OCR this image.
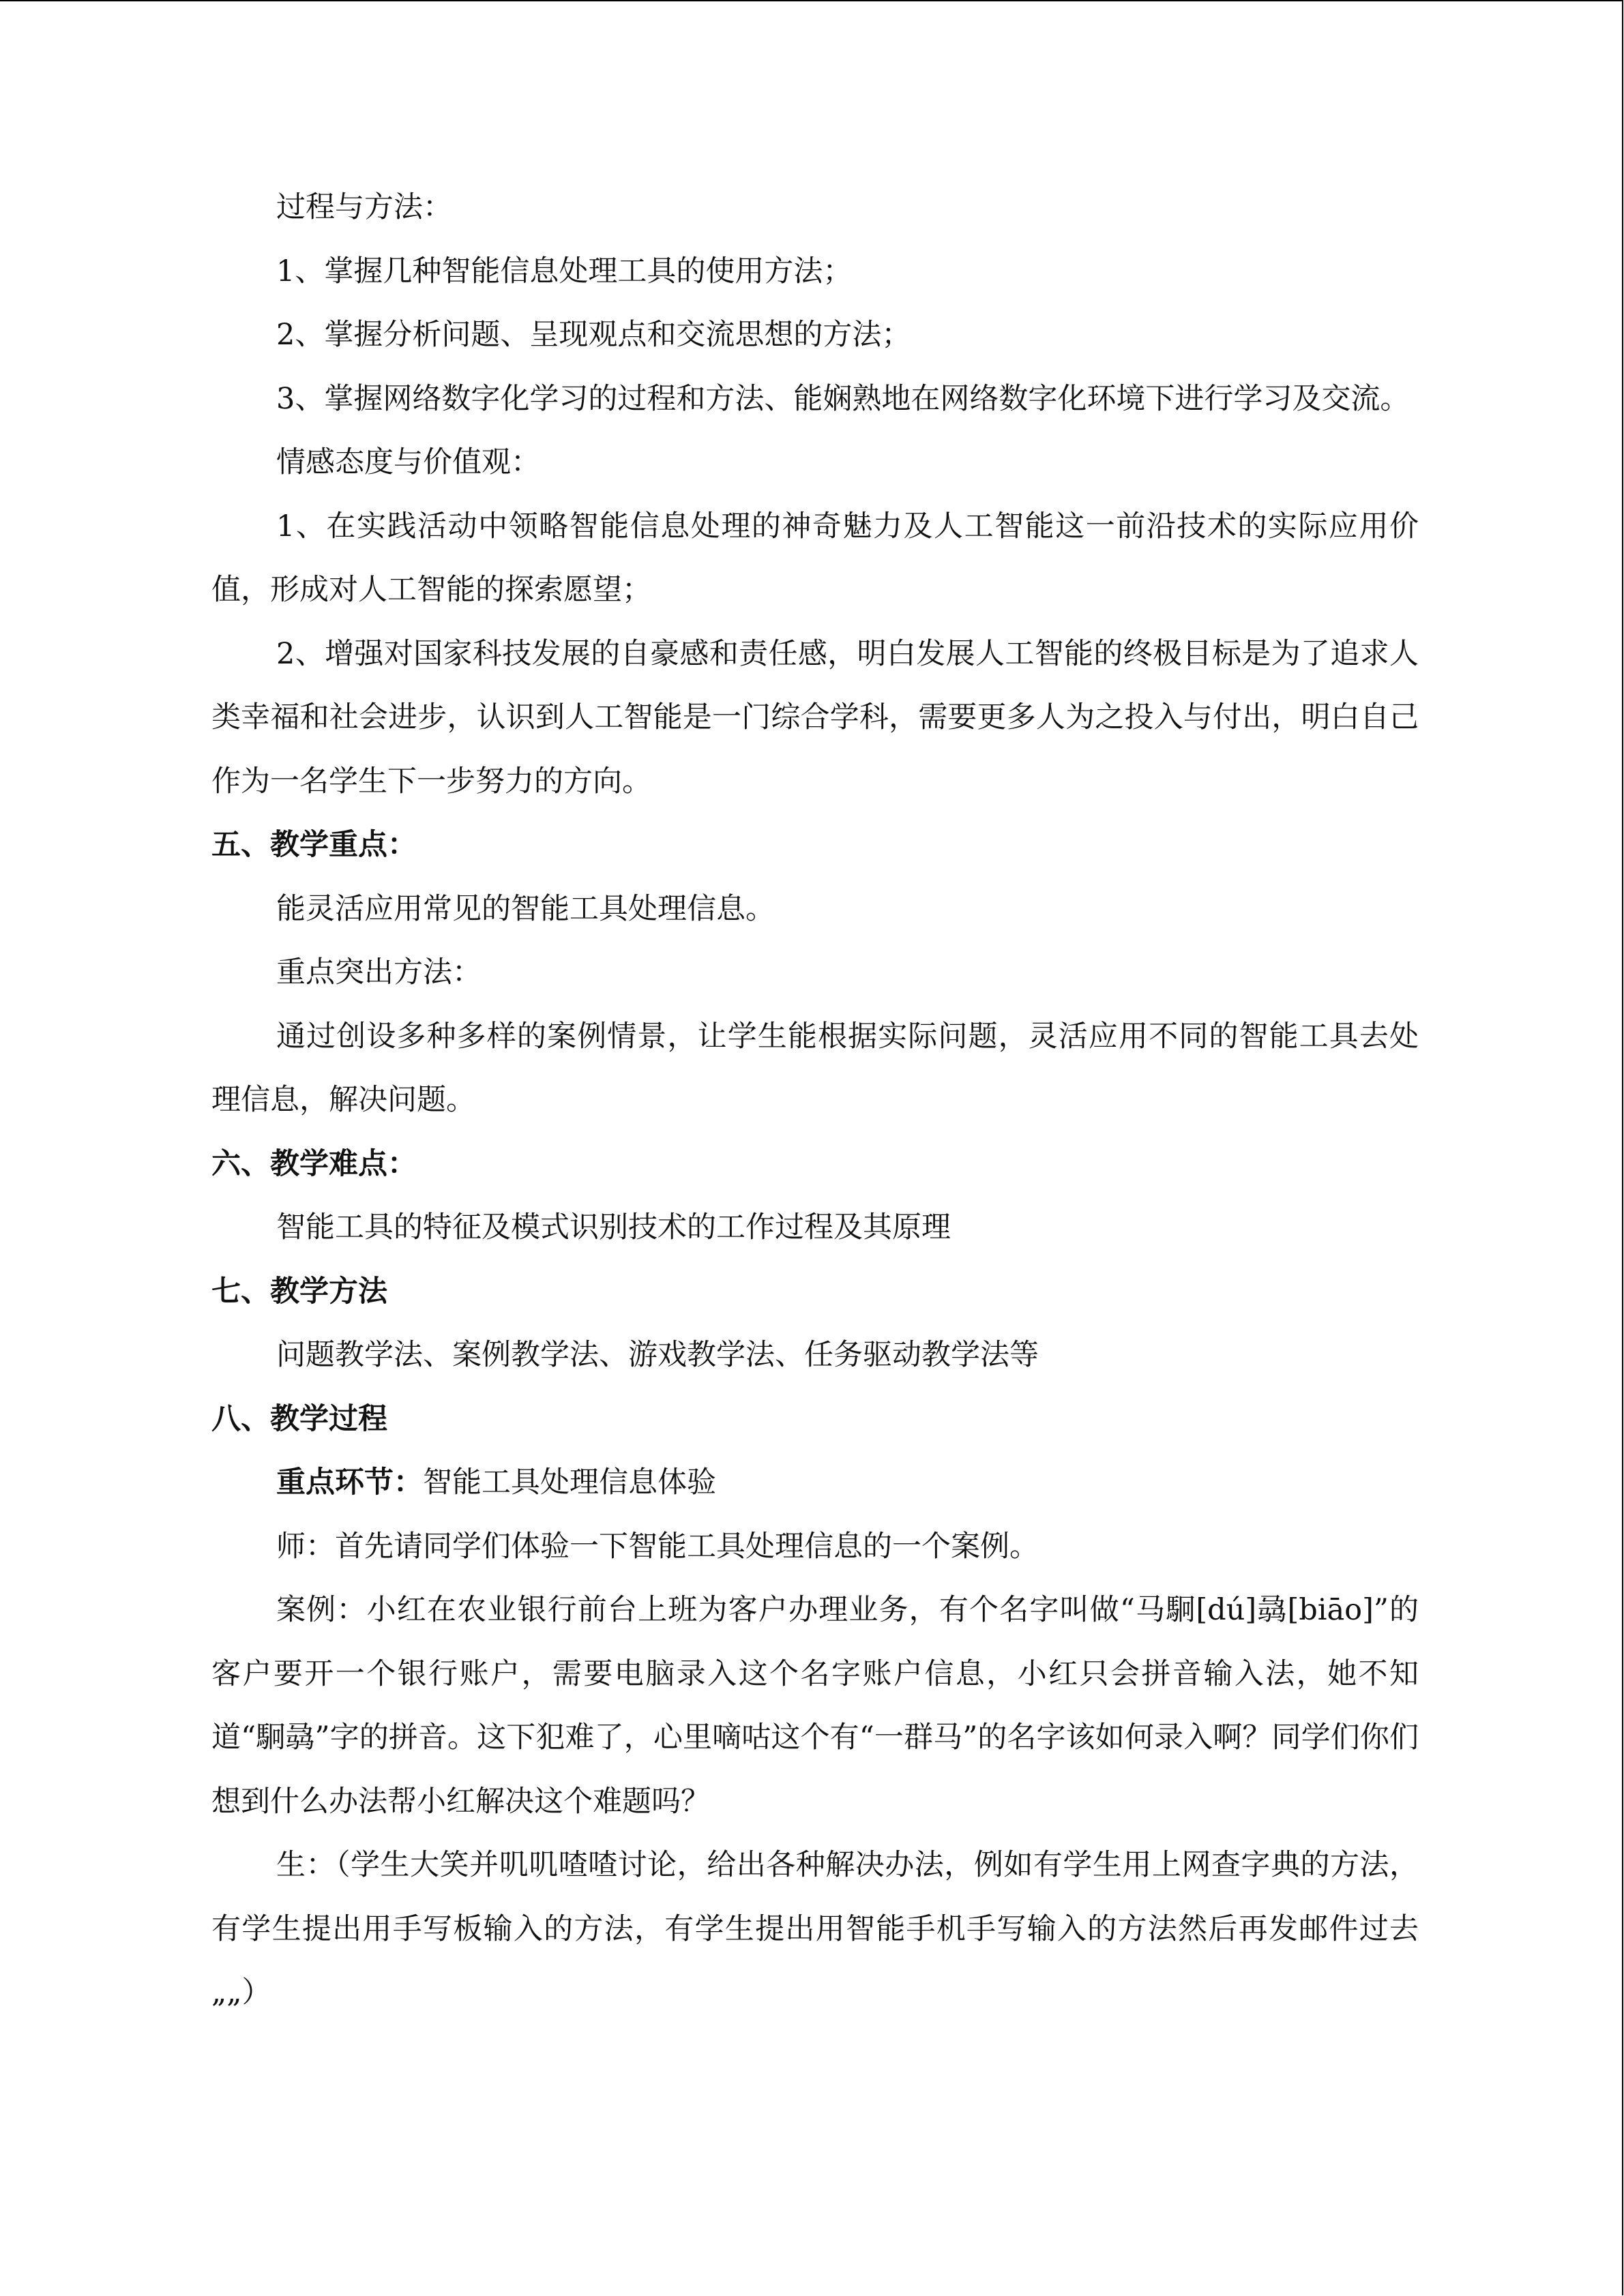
过程与方法：

1、掌握几种智能信息处理工具的使用方法；

2、掌握分析问题、呈现观点和交流思想的方法；

3、掌握网络数字化学习的过程和方法、能娴熟地在网络数字化环境下进行学习及交流。

情感态度与价值观：

1、在实践活动中领略智能信息处理的神奇魅力及人工智能这一前沿技术的实际应用价值，形成对人工智能的探索愿望；

2、增强对国家科技发展的自豪感和责任感，明白发展人工智能的终极目标是为了追求人类幸福和社会进步，认识到人工智能是一门综合学科，需要更多人为之投入与付出，明白自己作为一名学生下一步努力的方向。

五、教学重点：

能灵活应用常见的智能工具处理信息。

重点突出方法：

通过创设多种多样的案例情景，让学生能根据实际问题，灵活应用不同的智能工具去处理信息，解决问题。

六、教学难点：

智能工具的特征及模式识别技术的工作过程及其原理

七、教学方法

问题教学法、案例教学法、游戏教学法、任务驱动教学法等

八、教学过程

重点环节：智能工具处理信息体验

师：首先请同学们体验一下智能工具处理信息的一个案例。

案例：小红在农业银行前台上班为客户办理业务，有个名字叫做“马駉[dú]骉[biāo]”的客户要开一个银行账户，需要电脑录入这个名字账户信息，小红只会拼音输入法，她不知道“駉骉”字的拼音。这下犯难了，心里嘀咕这个有“一群马”的名字该如何录入啊？同学们你们想到什么办法帮小红解决这个难题吗？

生：（学生大笑并叽叽喳喳讨论，给出各种解决办法，例如有学生用上网查字典的方法，有学生提出用手写板输入的方法，有学生提出用智能手机手写输入的方法然后再发邮件过去„„）
